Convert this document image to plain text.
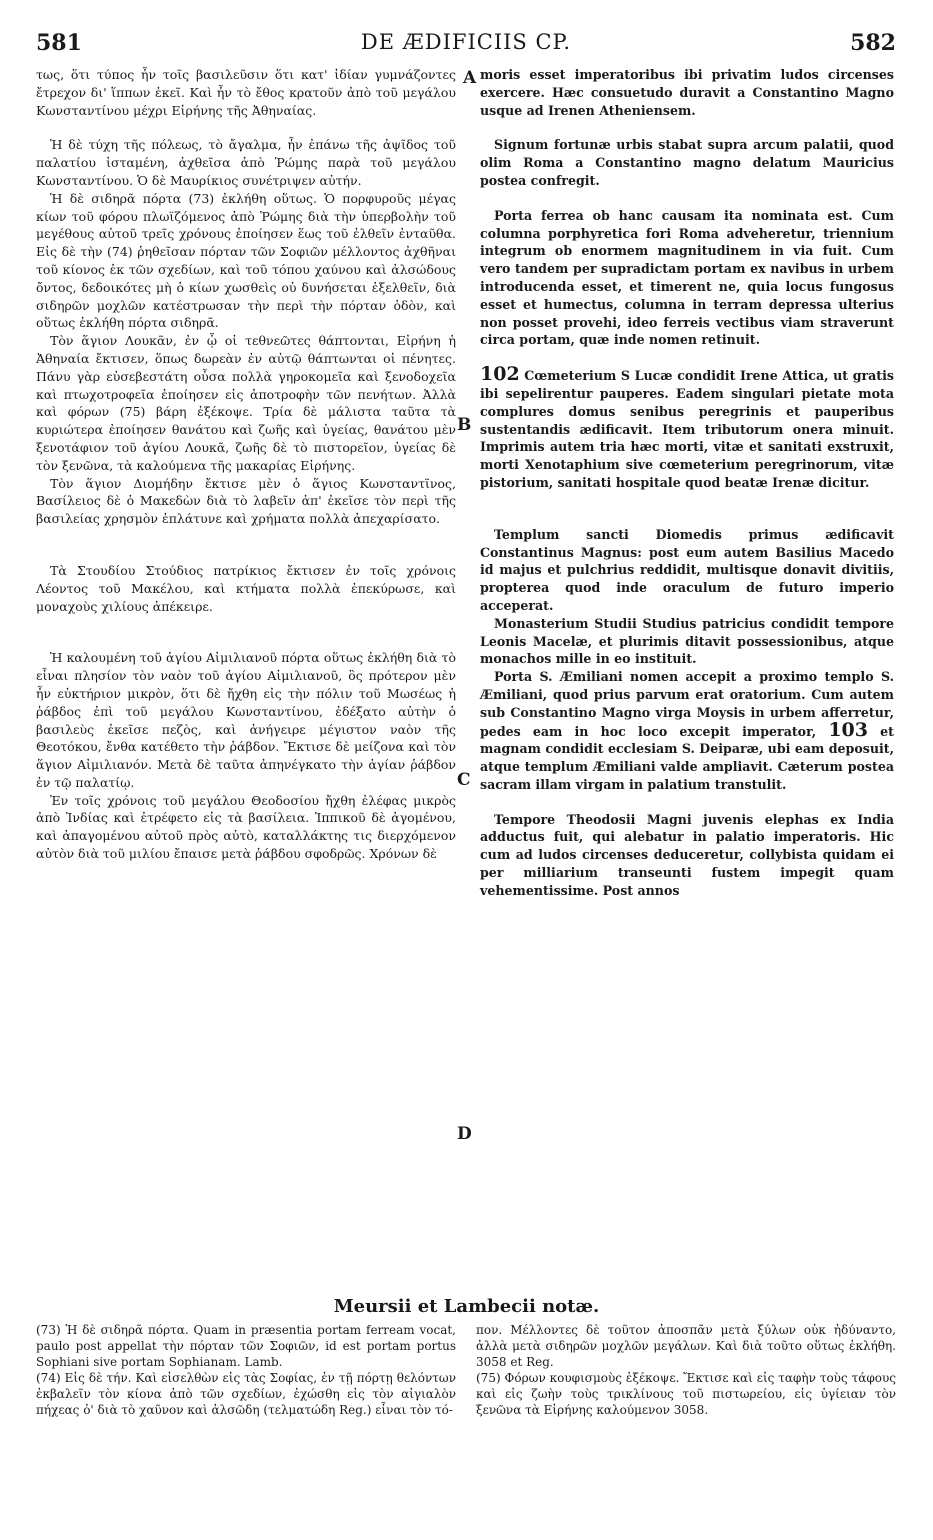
581	DE ÆDIFICIIS CP.	582

τως, ὅτι τύπος ἦν τοῖς βασιλεῦσιν ὅτι κατ' ἰδίαν γυμνάζοντες ἔτρεχον δι' ἵππων ἐκεῖ. Καὶ ἦν τὸ ἔθος κρατοῦν ἀπὸ τοῦ μεγάλου Κωνσταντίνου μέχρι Εἰρήνης τῆς Ἀθηναίας.

Ἡ δὲ τύχη τῆς πόλεως, τὸ ἄγαλμα, ἦν ἐπάνω τῆς ἀψῖδος τοῦ παλατίου ἱσταμένη, ἀχθεῖσα ἀπὸ Ῥώμης παρὰ τοῦ μεγάλου Κωνσταντίνου. Ὁ δὲ Μαυρίκιος συνέτριψεν αὐτήν.

Ἡ δὲ σιδηρᾶ πόρτα (73) ἐκλήθη οὕτως. Ὁ πορφυροῦς μέγας κίων τοῦ φόρου πλωϊζόμενος ἀπὸ Ῥώμης διὰ τὴν ὑπερβολὴν τοῦ μεγέθους αὐτοῦ τρεῖς χρόνους ἐποίησεν ἕως τοῦ ἐλθεῖν ἐνταῦθα. Εἰς δὲ τὴν (74) ῥηθεῖσαν πόρταν τῶν Σοφιῶν μέλλοντος ἀχθῆναι τοῦ κίονος ἐκ τῶν σχεδίων, καὶ τοῦ τόπου χαύνου καὶ ἀλσώδους ὄντος, δεδοικότες μὴ ὁ κίων χωσθεὶς οὐ δυνήσεται ἐξελθεῖν, διὰ σιδηρῶν μοχλῶν κατέστρωσαν τὴν περὶ τὴν πόρταν ὁδὸν, καὶ οὕτως ἐκλήθη πόρτα σιδηρᾶ.

Τὸν ἅγιον Λουκᾶν, ἐν ᾧ οἱ τεθνεῶτες θάπτονται, Εἰρήνη ἡ Ἀθηναία ἔκτισεν, ὅπως δωρεὰν ἐν αὐτῷ θάπτωνται οἱ πένητες. Πάνυ γὰρ εὐσεβεστάτη οὖσα πολλὰ γηροκομεῖα καὶ ξενοδοχεῖα καὶ πτωχοτροφεῖα ἐποίησεν εἰς ἀποτροφὴν τῶν πενήτων. Ἀλλὰ καὶ φόρων (75) βάρη ἐξέκοψε. Τρία δὲ μάλιστα ταῦτα τὰ κυριώτερα ἐποίησεν θανάτου καὶ ζωῆς καὶ ὑγείας, θανάτου μὲν ξενοτάφιον τοῦ ἁγίου Λουκᾶ, ζωῆς δὲ τὸ πιστορεῖον, ὑγείας δὲ τὸν ξενῶνα, τὰ καλούμενα τῆς μακαρίας Εἰρήνης.

Τὸν ἅγιον Διομήδην ἔκτισε μὲν ὁ ἅγιος Κωνσταντῖνος, Βασίλειος δὲ ὁ Μακεδὼν διὰ τὸ λαβεῖν ἀπ' ἐκεῖσε τὸν περὶ τῆς βασιλείας χρησμὸν ἐπλάτυνε καὶ χρήματα πολλὰ ἀπεχαρίσατο.

Τὰ Στουδίου Στούδιος πατρίκιος ἔκτισεν ἐν τοῖς χρόνοις Λέοντος τοῦ Μακέλου, καὶ κτήματα πολλὰ ἐπεκύρωσε, καὶ μοναχοὺς χιλίους ἀπέκειρε.

Ἡ καλουμένη τοῦ ἁγίου Αἰμιλιανοῦ πόρτα οὕτως ἐκλήθη διὰ τὸ εἶναι πλησίον τὸν ναὸν τοῦ ἁγίου Αἰμιλιανοῦ, ὃς πρότερον μὲν ἦν εὐκτήριον μικρὸν, ὅτι δὲ ἤχθη εἰς τὴν πόλιν τοῦ Μωσέως ἡ ῥάβδος ἐπὶ τοῦ μεγάλου Κωνσταντίνου, ἐδέξατο αὐτὴν ὁ βασιλεὺς ἐκεῖσε πεζὸς, καὶ ἀνήγειρε μέγιστον ναὸν τῆς Θεοτόκου, ἔνθα κατέθετο τὴν ῥάβδον. Ἔκτισε δὲ μείζονα καὶ τὸν ἅγιον Αἰμιλιανόν. Μετὰ δὲ ταῦτα ἀπηνέγκατο τὴν ἁγίαν ῥάβδον ἐν τῷ παλατίῳ.

Ἐν τοῖς χρόνοις τοῦ μεγάλου Θεοδοσίου ἤχθη ἐλέφας μικρὸς ἀπὸ Ἰνδίας καὶ ἐτρέφετο εἰς τὰ βασίλεια. Ἱππικοῦ δὲ ἀγομένου, καὶ ἀπαγομένου αὐτοῦ πρὸς αὐτὸ, καταλλάκτης τις διερχόμενον αὐτὸν διὰ τοῦ μιλίου ἔπαισε μετὰ ῥάβδου σφοδρῶς. Χρόνων δὲ

moris esset imperatoribus ibi privatim ludos circenses exercere. Hæc consuetudo duravit a Constantino Magno usque ad Irenen Atheniensem.

Signum fortunæ urbis stabat supra arcum palatii, quod olim Roma a Constantino magno delatum Mauricius postea confregit.

Porta ferrea ob hanc causam ita nominata est. Cum columna porphyretica fori Roma adveheretur, triennium integrum ob enormem magnitudinem in via fuit. Cum vero tandem per supradictam portam ex navibus in urbem introducenda esset, et timerent ne, quia locus fungosus esset et humectus, columna in terram depressa ulterius non posset provehi, ideo ferreis vectibus viam straverunt circa portam, quæ inde nomen retinuit.

102 Cœmeterium S Lucæ condidit Irene Attica, ut gratis ibi sepelirentur pauperes. Eadem singulari pietate mota complures domus senibus peregrinis et pauperibus sustentandis ædificavit. Item tributorum onera minuit. Imprimis autem tria hæc morti, vitæ et sanitati exstruxit, morti Xenotaphium sive cœmeterium peregrinorum, vitæ pistorium, sanitati hospitale quod beatæ Irenæ dicitur.

Templum sancti Diomedis primus ædificavit Constantinus Magnus: post eum autem Basilius Macedo id majus et pulchrius reddidit, multisque donavit divitiis, propterea quod inde oraculum de futuro imperio acceperat.

Monasterium Studii Studius patricius condidit tempore Leonis Macelæ, et plurimis ditavit possessionibus, atque monachos mille in eo instituit.

Porta S. Æmiliani nomen accepit a proximo templo S. Æmiliani, quod prius parvum erat oratorium. Cum autem sub Constantino Magno virga Moysis in urbem afferretur, pedes eam in hoc loco excepit imperator, 103 et magnam condidit ecclesiam S. Deiparæ, ubi eam deposuit, atque templum Æmiliani valde ampliavit. Cæterum postea sacram illam virgam in palatium transtulit.

Tempore Theodosii Magni juvenis elephas ex India adductus fuit, qui alebatur in palatio imperatoris. Hic cum ad ludos circenses deduceretur, collybista quidam ei per milliarium transeunti fustem impegit quam vehementissime. Post annos

A
B
C
D
Meursii et Lambecii notæ.

(73) Ἡ δὲ σιδηρᾶ πόρτα. Quam in præsentia portam ferream vocat, paulo post appellat τὴν πόρταν τῶν Σοφιῶν, id est portam portus Sophiani sive portam Sophianam. Lamb.

(74) Εἰς δὲ τήν. Καὶ εἰσελθὼν εἰς τὰς Σοφίας, ἐν τῇ πόρτῃ θελόντων ἐκβαλεῖν τὸν κίονα ἀπὸ τῶν σχεδίων, ἐχώσθη εἰς τὸν αἰγιαλὸν πήχεας ὀ' διὰ τὸ χαῦνον καὶ ἀλσῶδη (τελματώδη Reg.) εἶναι τὸν τό-

πον. Μέλλοντες δὲ τοῦτον ἀποσπᾶν μετὰ ξύλων οὐκ ἠδύναντο, ἀλλὰ μετὰ σιδηρῶν μοχλῶν μεγάλων. Καὶ διὰ τοῦτο οὕτως ἐκλήθη. 3058 et Reg.

(75) Φόρων κουφισμοὺς ἐξέκοψε. Ἔκτισε καὶ εἰς ταφὴν τοὺς τάφους καὶ εἰς ζωὴν τοὺς τρικλίνους τοῦ πιστωρείου, εἰς ὑγίειαν τὸν ξενῶνα τὰ Εἰρήνης καλούμενον 3058.
